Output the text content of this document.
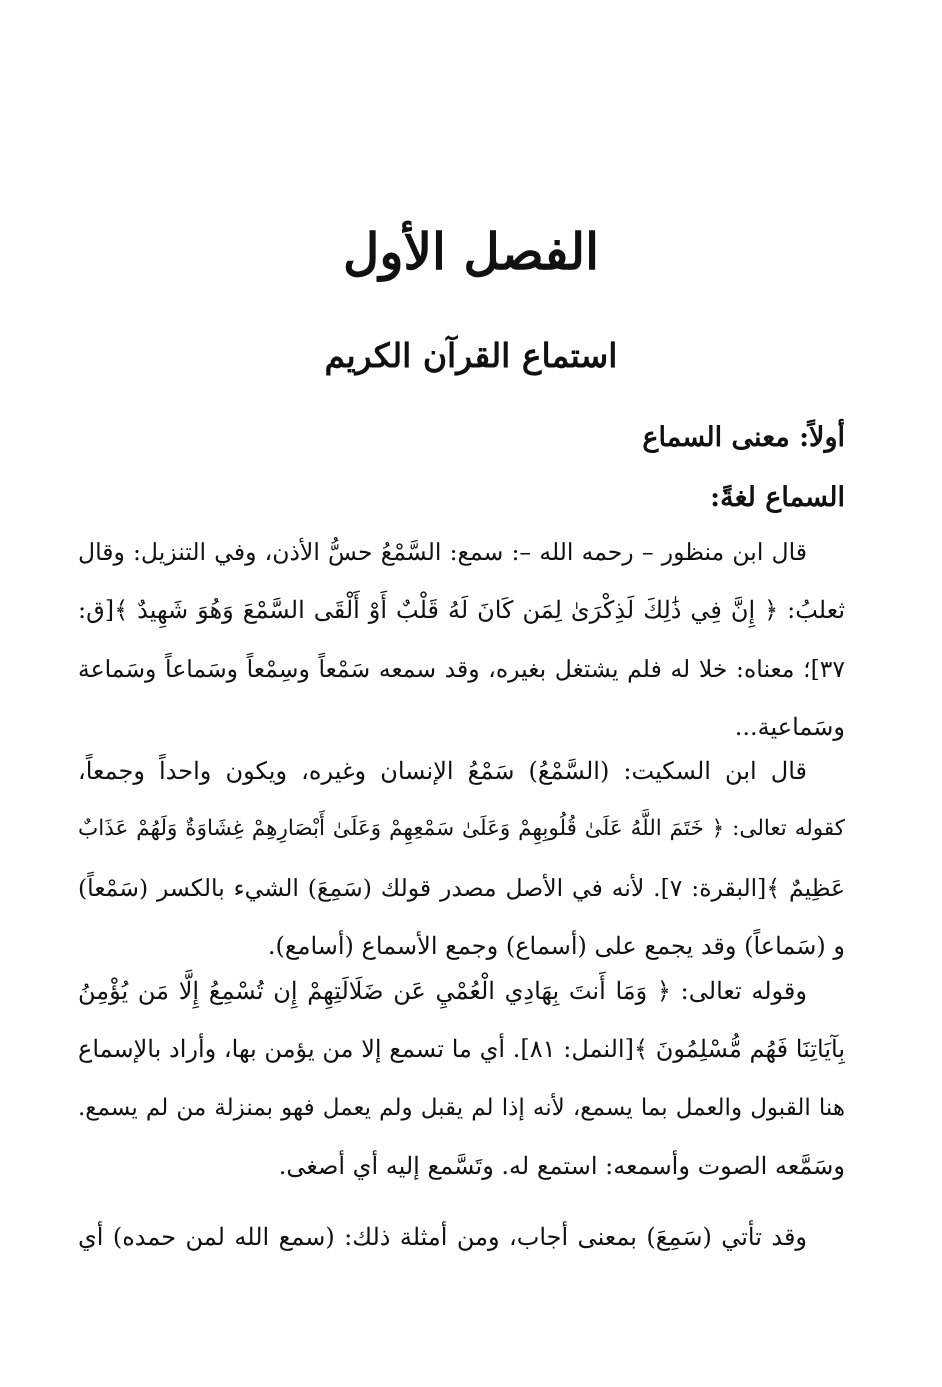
الفصل الأول
استماع القرآن الكريم
أولاً: معنى السماع
السماع لغةً:
قال ابن منظور – رحمه الله –: سمع: السَّمْعُ حسُّ الأذن، وفي التنزيل: وقال
ثعلبُ: ﴿ إِنَّ فِي ذَٰلِكَ لَذِكْرَىٰ لِمَن كَانَ لَهُ قَلْبٌ أَوْ أَلْقَى السَّمْعَ وَهُوَ شَهِيدٌ ﴾[ق:
٣٧]؛ معناه: خلا له فلم يشتغل بغيره، وقد سمعه سَمْعاً وسِمْعاً وسَماعاً وسَماعة
وسَماعية...
قال ابن السكيت: (السَّمْعُ) سَمْعُ الإنسان وغيره، ويكون واحداً وجمعاً،
كقوله تعالى: ﴿ خَتَمَ اللَّهُ عَلَىٰ قُلُوبِهِمْ وَعَلَىٰ سَمْعِهِمْ وَعَلَىٰ أَبْصَارِهِمْ غِشَاوَةٌ وَلَهُمْ عَذَابٌ
عَظِيمٌ ﴾[البقرة: ٧]. لأنه في الأصل مصدر قولك (سَمِعَ) الشيء بالكسر (سَمْعاً)
و (سَماعاً) وقد يجمع على (أسماع) وجمع الأسماع (أسامع).
وقوله تعالى: ﴿ وَمَا أَنتَ بِهَادِي الْعُمْيِ عَن ضَلَالَتِهِمْ إِن تُسْمِعُ إِلَّا مَن يُؤْمِنُ
بِآيَاتِنَا فَهُم مُّسْلِمُونَ ﴾[النمل: ٨١]. أي ما تسمع إلا من يؤمن بها، وأراد بالإسماع
هنا القبول والعمل بما يسمع، لأنه إذا لم يقبل ولم يعمل فهو بمنزلة من لم يسمع.
وسَمَّعه الصوت وأسمعه: استمع له. وتَسَّمع إليه أي أصغى.
وقد تأتي (سَمِعَ) بمعنى أجاب، ومن أمثلة ذلك: (سمع الله لمن حمده) أي
